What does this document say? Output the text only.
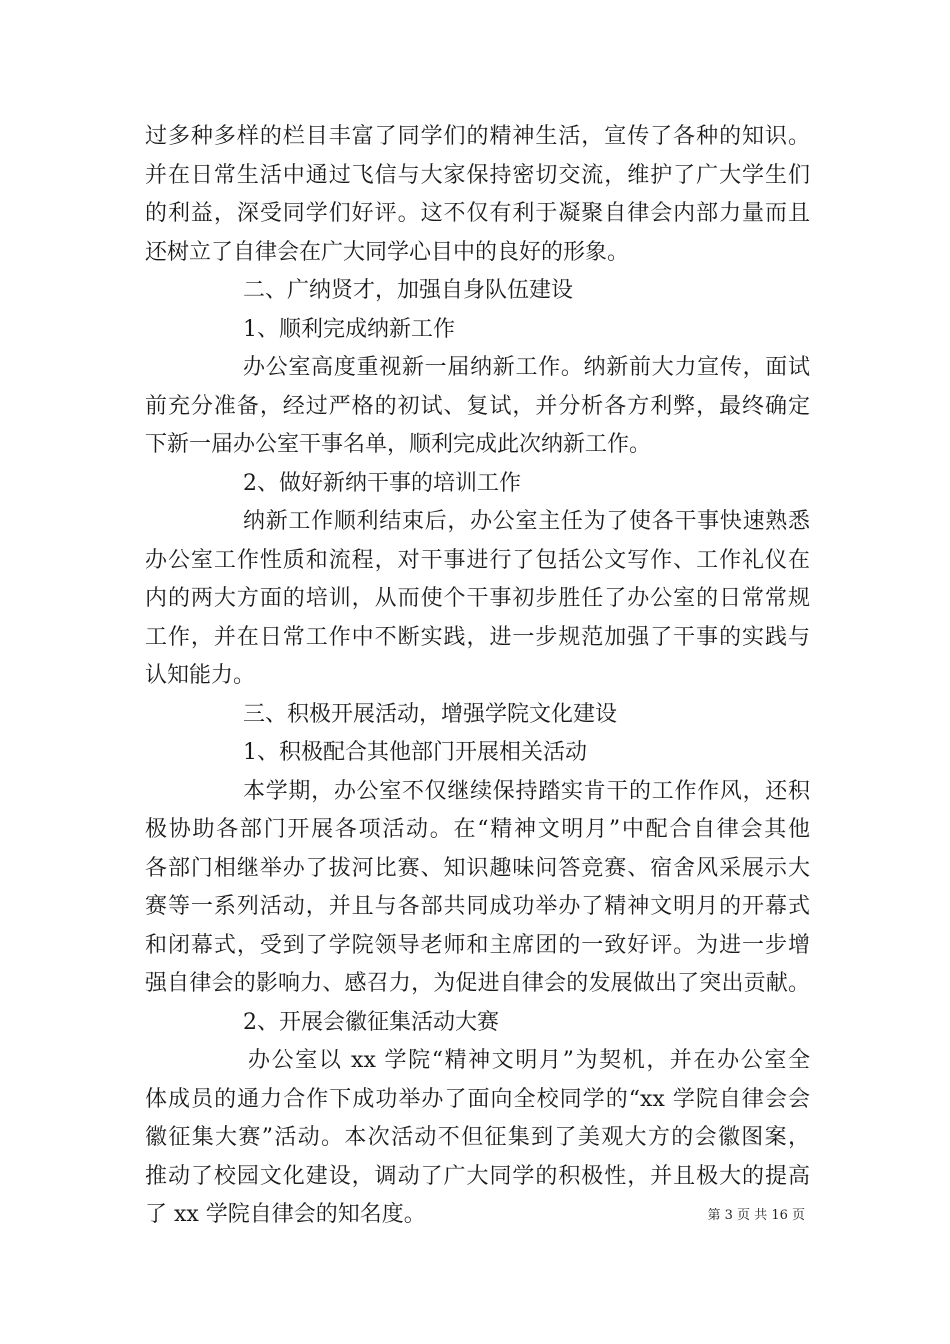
过多种多样的栏目丰富了同学们的精神生活，宣传了各种的知识。
并在日常生活中通过飞信与大家保持密切交流，维护了广大学生们
的利益，深受同学们好评。这不仅有利于凝聚自律会内部力量而且
还树立了自律会在广大同学心目中的良好的形象。
二、广纳贤才，加强自身队伍建设
1、顺利完成纳新工作
办公室高度重视新一届纳新工作。纳新前大力宣传，面试
前充分准备，经过严格的初试、复试，并分析各方利弊，最终确定
下新一届办公室干事名单，顺利完成此次纳新工作。
2、做好新纳干事的培训工作
纳新工作顺利结束后，办公室主任为了使各干事快速熟悉
办公室工作性质和流程，对干事进行了包括公文写作、工作礼仪在
内的两大方面的培训，从而使个干事初步胜任了办公室的日常常规
工作，并在日常工作中不断实践，进一步规范加强了干事的实践与
认知能力。
三、积极开展活动，增强学院文化建设
1、积极配合其他部门开展相关活动
本学期，办公室不仅继续保持踏实肯干的工作作风，还积
极协助各部门开展各项活动。在“精神文明月”中配合自律会其他
各部门相继举办了拔河比赛、知识趣味问答竞赛、宿舍风采展示大
赛等一系列活动，并且与各部共同成功举办了精神文明月的开幕式
和闭幕式，受到了学院领导老师和主席团的一致好评。为进一步增
强自律会的影响力、感召力，为促进自律会的发展做出了突出贡献。
2、开展会徽征集活动大赛
办公室以 xx 学院“精神文明月”为契机，并在办公室全
体成员的通力合作下成功举办了面向全校同学的“xx 学院自律会会
徽征集大赛”活动。本次活动不但征集到了美观大方的会徽图案，
推动了校园文化建设，调动了广大同学的积极性，并且极大的提高
了 xx 学院自律会的知名度。	第 3 页 共 16 页
